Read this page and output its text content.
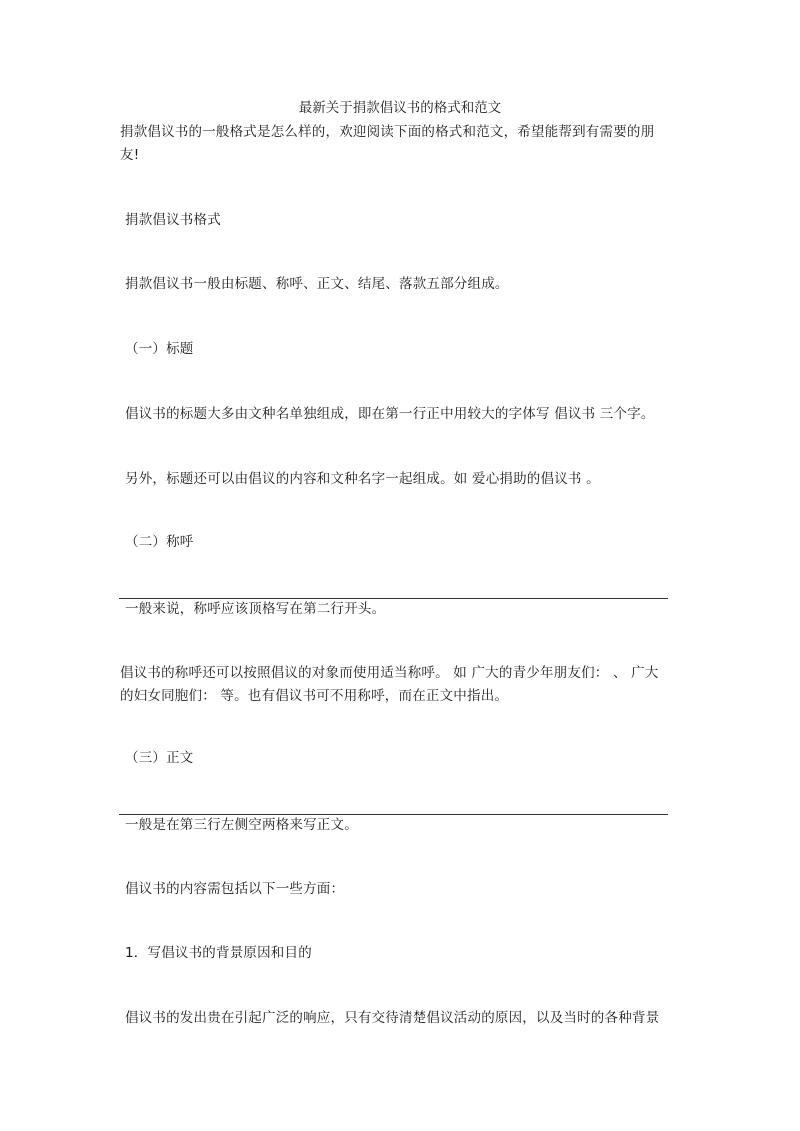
最新关于捐款倡议书的格式和范文
捐款倡议书的一般格式是怎么样的，欢迎阅读下面的格式和范文，希望能帮到有需要的朋
友!
捐款倡议书格式
捐款倡议书一般由标题、称呼、正文、结尾、落款五部分组成。
（一）标题
倡议书的标题大多由文种名单独组成，即在第一行正中用较大的字体写 倡议书 三个字。
另外，标题还可以由倡议的内容和文种名字一起组成。如 爱心捐助的倡议书 。
（二）称呼
一般来说，称呼应该顶格写在第二行开头。
倡议书的称呼还可以按照倡议的对象而使用适当称呼。 如 广大的青少年朋友们： 、 广大
的妇女同胞们： 等。也有倡议书可不用称呼，而在正文中指出。
（三）正文
一般是在第三行左侧空两格来写正文。
倡议书的内容需包括以下一些方面：
1．写倡议书的背景原因和目的
倡议书的发出贵在引起广泛的响应，只有交待清楚倡议活动的原因，以及当时的各种背景
